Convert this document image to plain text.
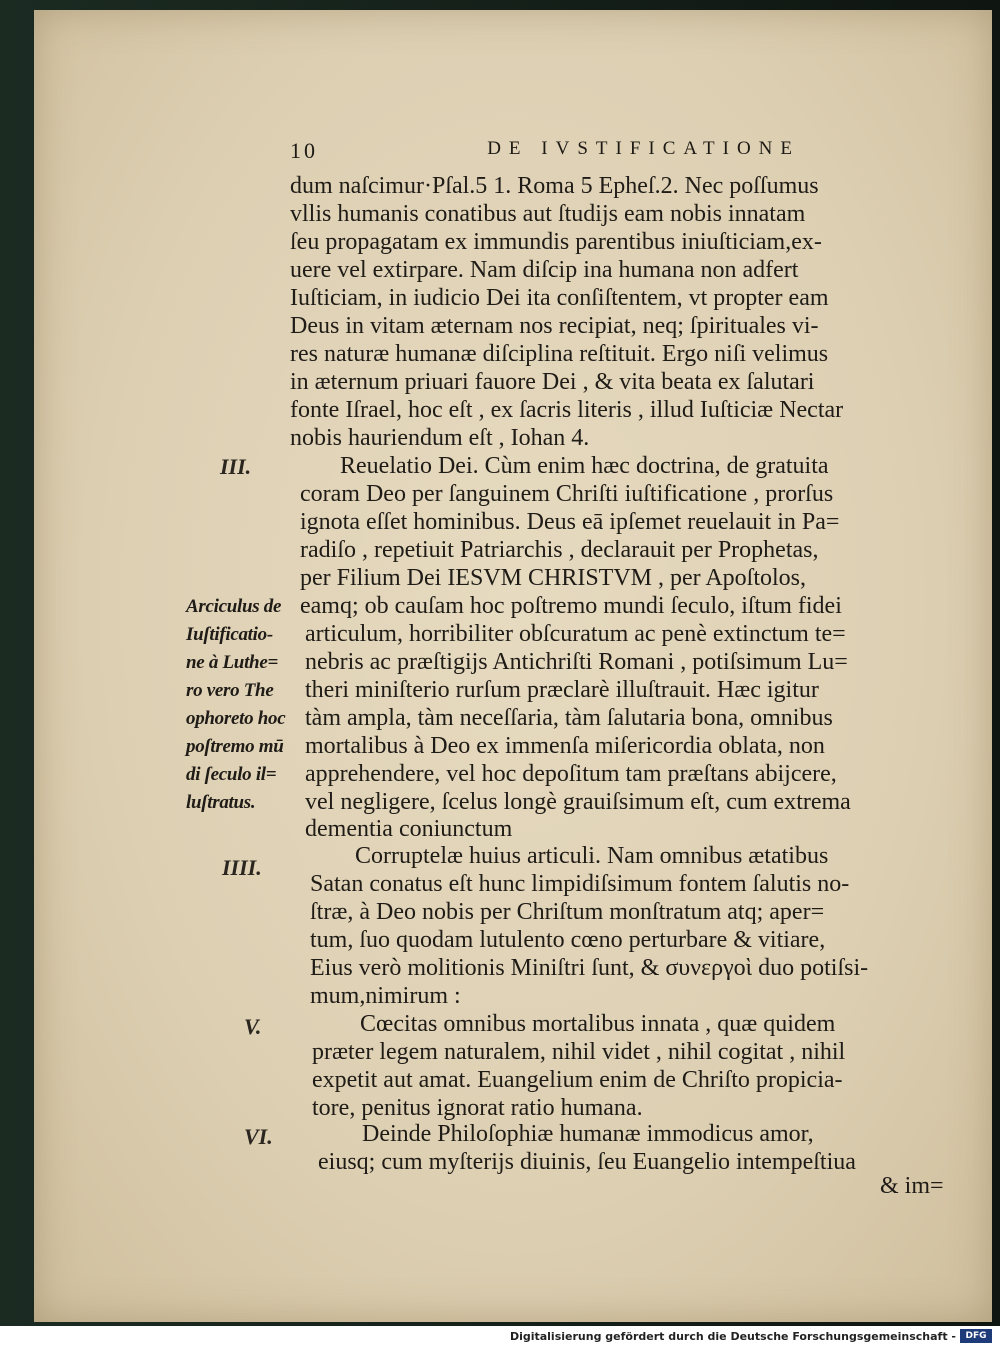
10	DE IVSTIFICATIONE
dum naſcimur·Pſal.5 1. Roma 5 Epheſ.2. Nec poſſumus
vllis humanis conatibus aut ſtudijs eam nobis innatam
ſeu propagatam ex immundis parentibus iniuſticiam,ex-
uere vel extirpare. Nam diſcip ina humana non adfert
Iuſticiam, in iudicio Dei ita conſiſtentem, vt propter eam
Deus in vitam æternam nos recipiat, neq; ſpirituales vi-
res naturæ humanæ diſciplina reſtituit. Ergo niſi velimus
in æternum priuari fauore Dei , & vita beata ex ſalutari
fonte Iſrael, hoc eſt , ex ſacris literis , illud Iuſticiæ Nectar
nobis hauriendum eſt , Iohan 4.
Reuelatio Dei. Cùm enim hæc doctrina, de gratuita
coram Deo per ſanguinem Chriſti iuſtificatione , prorſus
ignota eſſet hominibus. Deus eā ipſemet reuelauit in Pa=
radiſo , repetiuit Patriarchis , declarauit per Prophetas,
per Filium Dei IESVM CHRISTVM , per Apoſtolos,
eamq; ob cauſam hoc poſtremo mundi ſeculo, iſtum fidei
articulum, horribiliter obſcuratum ac penè extinctum te=
nebris ac præſtigijs Antichriſti Romani , potiſsimum Lu=
theri miniſterio rurſum præclarè illuſtrauit. Hæc igitur
tàm ampla, tàm neceſſaria, tàm ſalutaria bona, omnibus
mortalibus à Deo ex immenſa miſericordia oblata, non
apprehendere, vel hoc depoſitum tam præſtans abijcere,
vel negligere, ſcelus longè grauiſsimum eſt, cum extrema
dementia coniunctum
Corruptelæ huius articuli. Nam omnibus ætatibus
Satan conatus eſt hunc limpidiſsimum fontem ſalutis no-
ſtræ, à Deo nobis per Chriſtum monſtratum atq; aper=
tum, ſuo quodam lutulento cœno perturbare & vitiare,
Eius verò molitionis Miniſtri ſunt, & συνεργοὶ duo potiſsi-
mum,nimirum :
Cœcitas omnibus mortalibus innata , quæ quidem
præter legem naturalem, nihil videt , nihil cogitat , nihil
expetit aut amat. Euangelium enim de Chriſto propicia-
tore, penitus ignorat ratio humana.
Deinde Philoſophiæ humanæ immodicus amor,
eiusq; cum myſterijs diuinis, ſeu Euangelio intempeſtiua
& im=
III.
IIII.
V.
VI.
Arciculus de
Iuſtificatio-
ne à Luthe=
ro vero The
ophoreto hoc
poſtremo mū
di ſeculo il=
luſtratus.
Digitalisierung gefördert durch die Deutsche Forschungsgemeinschaft -	DFG
